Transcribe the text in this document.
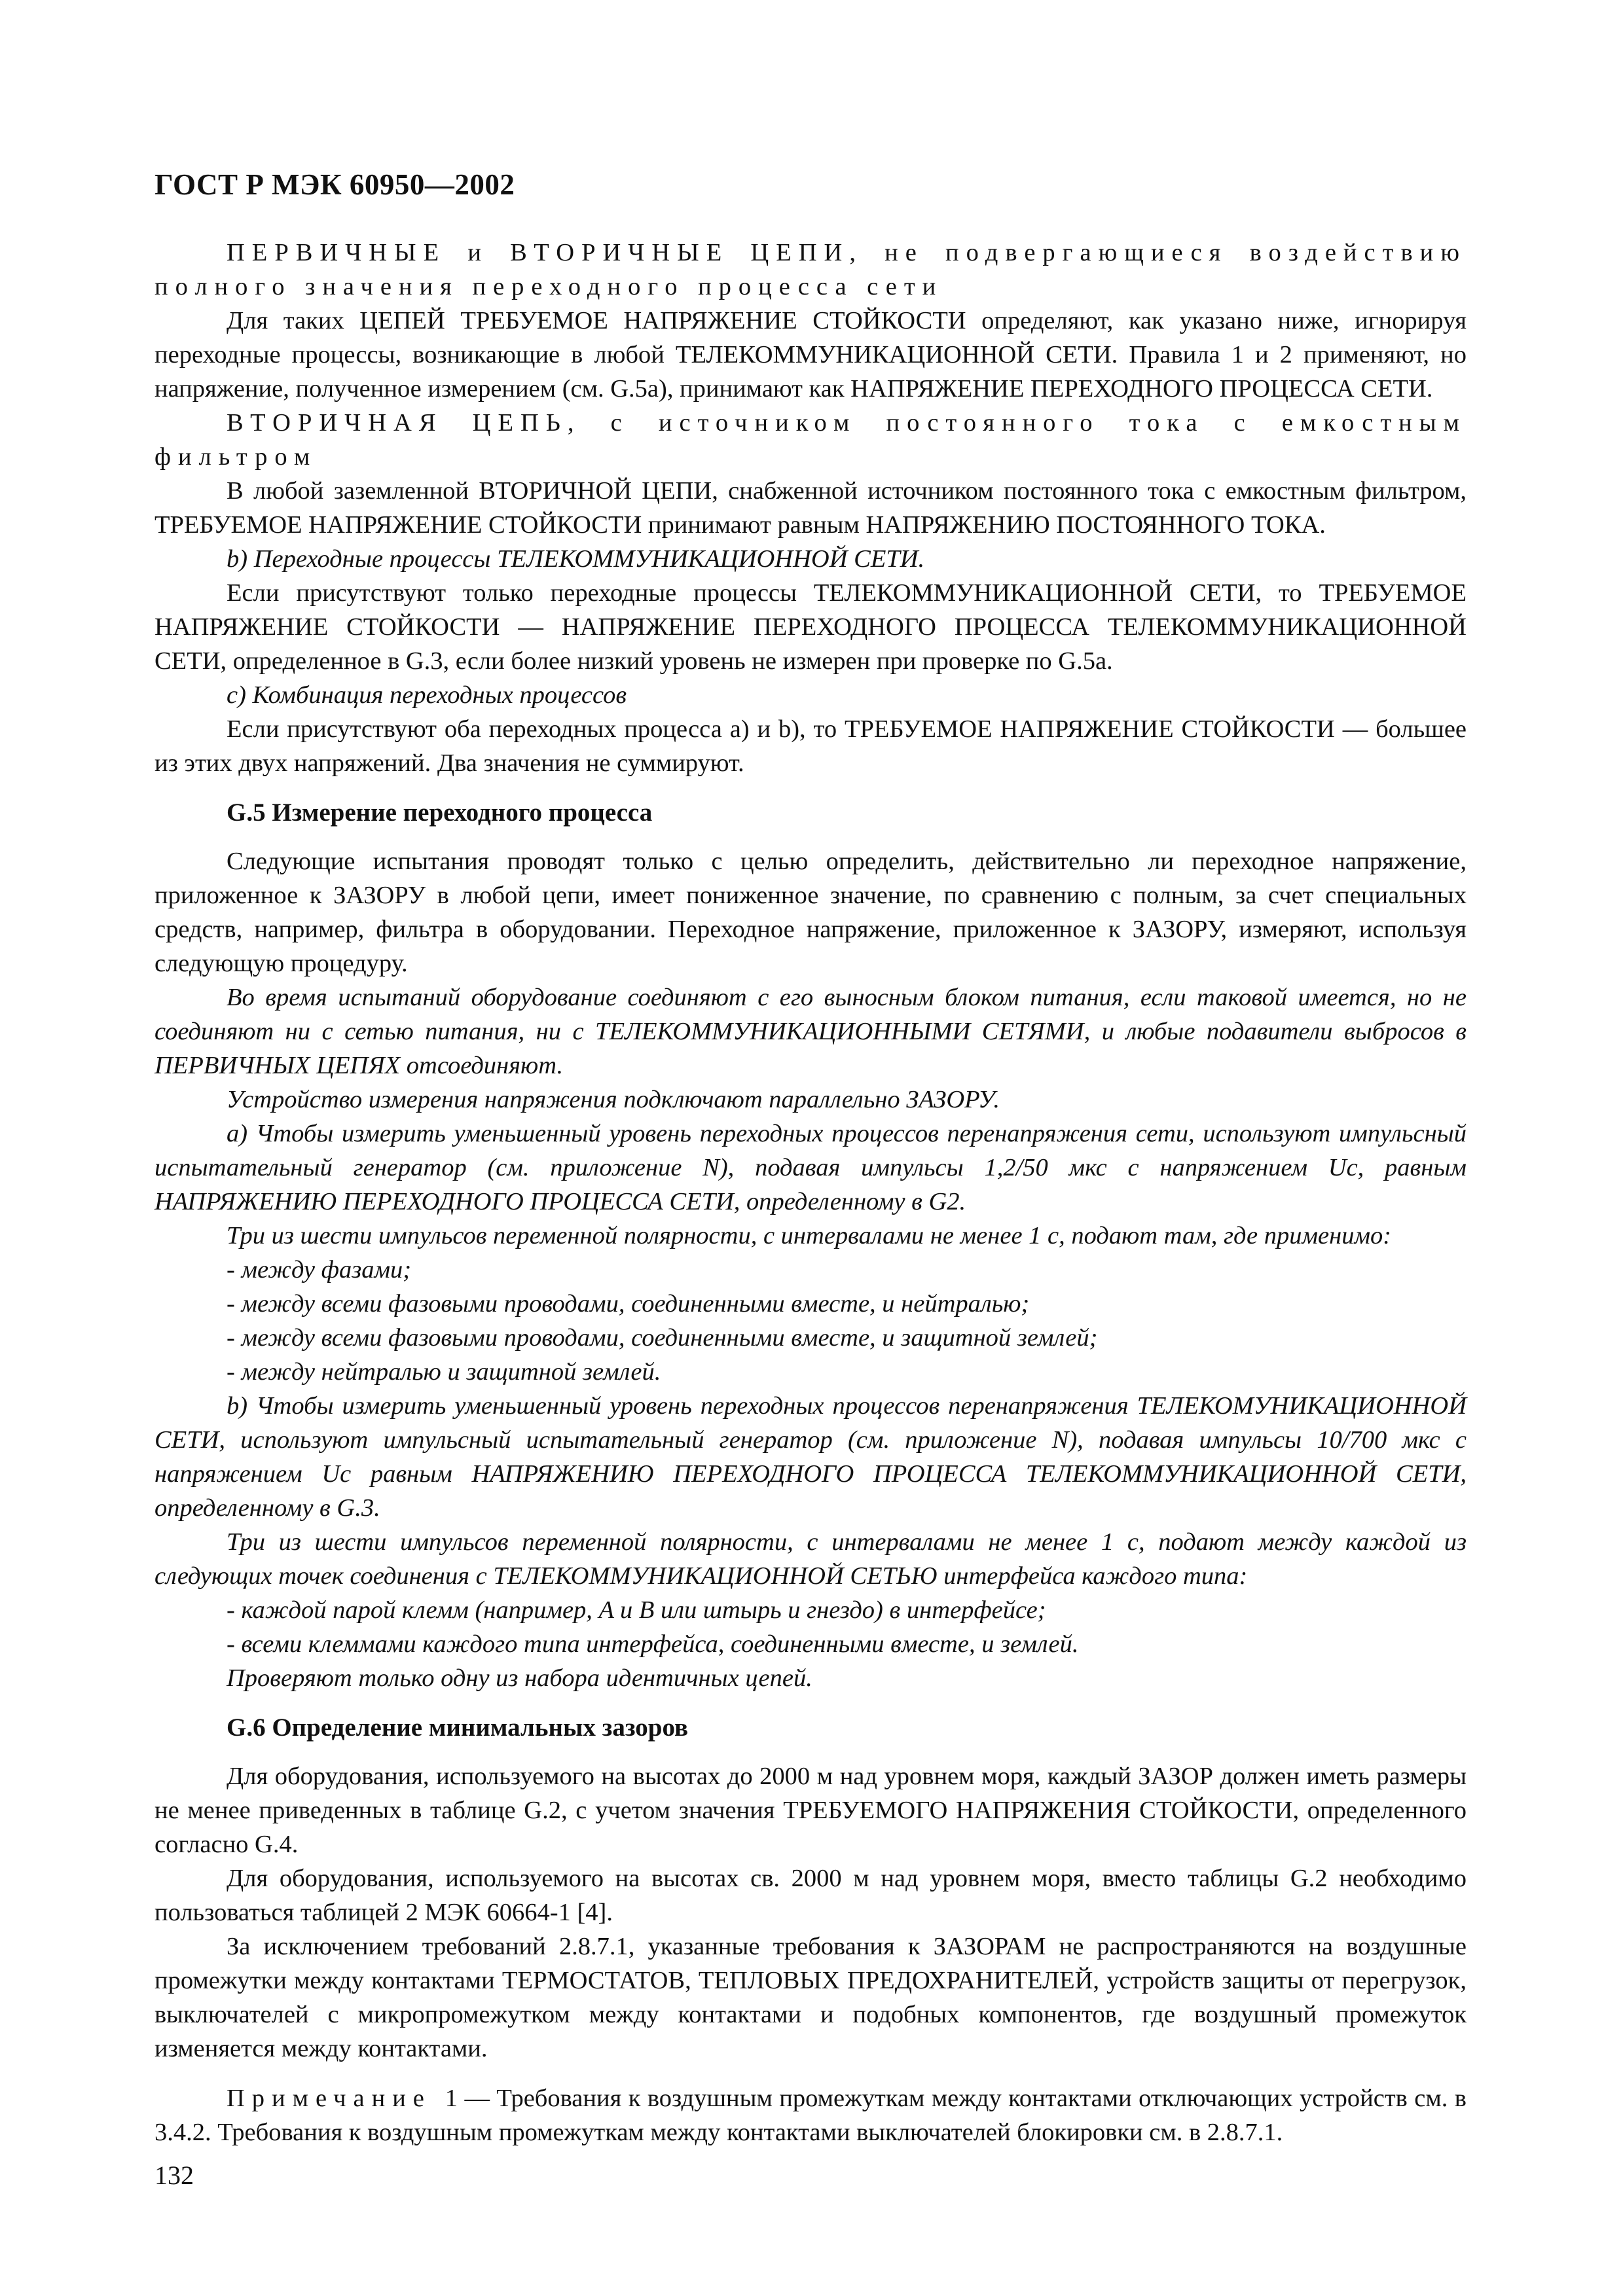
ГОСТ Р МЭК 60950—2002

ПЕРВИЧНЫЕ и ВТОРИЧНЫЕ ЦЕПИ, не подвергающиеся воздействию полного значения переходного процесса сети

Для таких ЦЕПЕЙ ТРЕБУЕМОЕ НАПРЯЖЕНИЕ СТОЙКОСТИ определяют, как указано ниже, игнорируя переходные процессы, возникающие в любой ТЕЛЕКОММУНИКАЦИОННОЙ СЕТИ. Правила 1 и 2 применяют, но напряжение, полученное измерением (см. G.5a), принимают как НАПРЯЖЕНИЕ ПЕРЕХОДНОГО ПРОЦЕССА СЕТИ.

ВТОРИЧНАЯ ЦЕПЬ, с источником постоянного тока с емкостным фильтром

В любой заземленной ВТОРИЧНОЙ ЦЕПИ, снабженной источником постоянного тока с емкостным фильтром, ТРЕБУЕМОЕ НАПРЯЖЕНИЕ СТОЙКОСТИ принимают равным НАПРЯЖЕНИЮ ПОСТОЯННОГО ТОКА.

b) Переходные процессы ТЕЛЕКОММУНИКАЦИОННОЙ СЕТИ.

Если присутствуют только переходные процессы ТЕЛЕКОММУНИКАЦИОННОЙ СЕТИ, то ТРЕБУЕМОЕ НАПРЯЖЕНИЕ СТОЙКОСТИ — НАПРЯЖЕНИЕ ПЕРЕХОДНОГО ПРОЦЕССА ТЕЛЕКОММУНИКАЦИОННОЙ СЕТИ, определенное в G.3, если более низкий уровень не измерен при проверке по G.5a.

c) Комбинация переходных процессов

Если присутствуют оба переходных процесса a) и b), то ТРЕБУЕМОЕ НАПРЯЖЕНИЕ СТОЙКОСТИ — большее из этих двух напряжений. Два значения не суммируют.

G.5 Измерение переходного процесса

Следующие испытания проводят только с целью определить, действительно ли переходное напряжение, приложенное к ЗАЗОРУ в любой цепи, имеет пониженное значение, по сравнению с полным, за счет специальных средств, например, фильтра в оборудовании. Переходное напряжение, приложенное к ЗАЗОРУ, измеряют, используя следующую процедуру.

Во время испытаний оборудование соединяют с его выносным блоком питания, если таковой имеется, но не соединяют ни с сетью питания, ни с ТЕЛЕКОММУНИКАЦИОННЫМИ СЕТЯМИ, и любые подавители выбросов в ПЕРВИЧНЫХ ЦЕПЯХ отсоединяют.

Устройство измерения напряжения подключают параллельно ЗАЗОРУ.

a) Чтобы измерить уменьшенный уровень переходных процессов перенапряжения сети, используют импульсный испытательный генератор (см. приложение N), подавая импульсы 1,2/50 мкс с напряжением Uc, равным НАПРЯЖЕНИЮ ПЕРЕХОДНОГО ПРОЦЕССА СЕТИ, определенному в G2.

Три из шести импульсов переменной полярности, с интервалами не менее 1 с, подают там, где применимо:

- между фазами;

- между всеми фазовыми проводами, соединенными вместе, и нейтралью;

- между всеми фазовыми проводами, соединенными вместе, и защитной землей;

- между нейтралью и защитной землей.

b) Чтобы измерить уменьшенный уровень переходных процессов перенапряжения ТЕЛЕКОМУНИКАЦИОННОЙ СЕТИ, используют импульсный испытательный генератор (см. приложение N), подавая импульсы 10/700 мкс с напряжением Uc равным НАПРЯЖЕНИЮ ПЕРЕХОДНОГО ПРОЦЕССА ТЕЛЕКОММУНИКАЦИОННОЙ СЕТИ, определенному в G.3.

Три из шести импульсов переменной полярности, с интервалами не менее 1 с, подают между каждой из следующих точек соединения с ТЕЛЕКОММУНИКАЦИОННОЙ СЕТЬЮ интерфейса каждого типа:

- каждой парой клемм (например, A и B или штырь и гнездо) в интерфейсе;

- всеми клеммами каждого типа интерфейса, соединенными вместе, и землей.

Проверяют только одну из набора идентичных цепей.

G.6 Определение минимальных зазоров

Для оборудования, используемого на высотах до 2000 м над уровнем моря, каждый ЗАЗОР должен иметь размеры не менее приведенных в таблице G.2, с учетом значения ТРЕБУЕМОГО НАПРЯЖЕНИЯ СТОЙКОСТИ, определенного согласно G.4.

Для оборудования, используемого на высотах св. 2000 м над уровнем моря, вместо таблицы G.2 необходимо пользоваться таблицей 2 МЭК 60664-1 [4].

За исключением требований 2.8.7.1, указанные требования к ЗАЗОРАМ не распространяются на воздушные промежутки между контактами ТЕРМОСТАТОВ, ТЕПЛОВЫХ ПРЕДОХРАНИТЕЛЕЙ, устройств защиты от перегрузок, выключателей с микропромежутком между контактами и подобных компонентов, где воздушный промежуток изменяется между контактами.

Примечание 1 — Требования к воздушным промежуткам между контактами отключающих устройств см. в 3.4.2. Требования к воздушным промежуткам между контактами выключателей блокировки см. в 2.8.7.1.

132
